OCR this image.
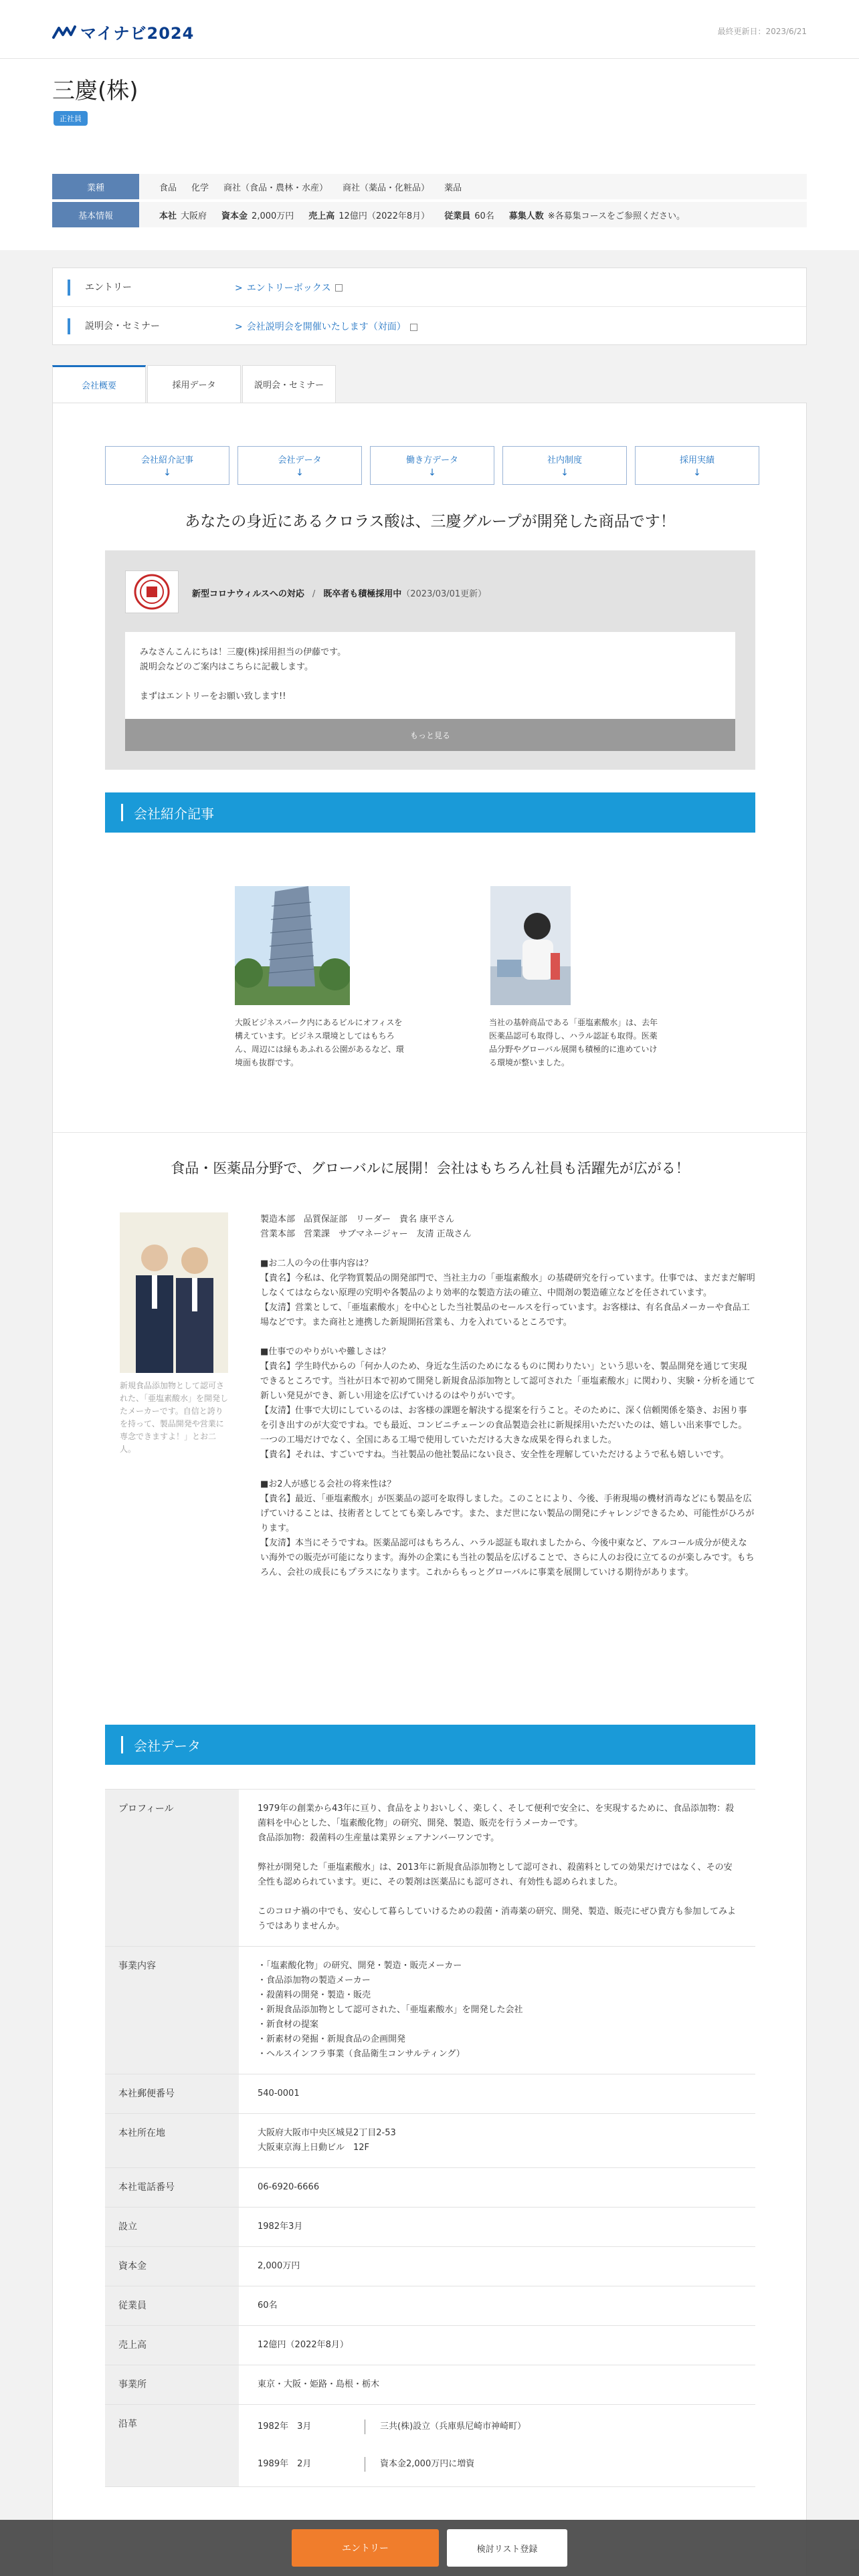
マイナビ2024	最終更新日：2023/6/21
三慶(株)
正社員
業種	食品 化学 商社（食品・農林・水産） 商社（薬品・化粧品） 薬品
基本情報	本社 大阪府 資本金 2,000万円 売上高 12億円（2022年8月） 従業員 60名 募集人数 ※各募集コースをご参照ください。
エントリー	> エントリーボックス
説明会・セミナー	> 会社説明会を開催いたします（対面）
会社概要	採用データ	説明会・セミナー
会社紹介記事
↓
会社データ
↓
働き方データ
↓
社内制度
↓
採用実績
↓
あなたの身近にあるクロラス酸は、三慶グループが開発した商品です！
新型コロナウィルスへの対応 / 既卒者も積極採用中（2023/03/01更新）

みなさんこんにちは！三慶(株)採用担当の伊藤です。

説明会などのご案内はこちらに記載します。

まずはエントリーをお願い致します!!

もっと見る
会社紹介記事

大阪ビジネスパーク内にあるビルにオフィスを構えています。ビジネス環境としてはもちろん、周辺には緑もあふれる公園があるなど、環境面も抜群です。

当社の基幹商品である「亜塩素酸水」は、去年医薬品認可も取得し、ハラル認証も取得。医薬品分野やグローバル展開も積極的に進めていける環境が整いました。

食品・医薬品分野で、グローバルに展開！会社はもちろん社員も活躍先が広がる！

新規食品添加物として認可された、「亜塩素酸水」を開発したメーカーです。自信と誇りを持って、製品開発や営業に専念できますよ！」とお二人。

製造本部　品質保証部　リーダー　貴名 康平さん

営業本部　営業課　サブマネージャー　友清 正哉さん

■お二人の今の仕事内容は？

【貴名】今私は、化学物質製品の開発部門で、当社主力の「亜塩素酸水」の基礎研究を行っています。仕事では、まだまだ解明しなくてはならない原理の究明や各製品のより効率的な製造方法の確立、中間剤の製造確立などを任されています。

【友清】営業として、「亜塩素酸水」を中心とした当社製品のセールスを行っています。お客様は、有名食品メーカーや食品工場などです。また商社と連携した新規開拓営業も、力を入れているところです。

■仕事でのやりがいや難しさは？

【貴名】学生時代からの「何か人のため、身近な生活のためになるものに関わりたい」という思いを、製品開発を通じて実現できるところです。当社が日本で初めて開発し新規食品添加物として認可された「亜塩素酸水」に関わり、実験・分析を通じて新しい発見ができ、新しい用途を広げていけるのはやりがいです。

【友清】仕事で大切にしているのは、お客様の課題を解決する提案を行うこと。そのために、深く信頼関係を築き、お困り事を引き出すのが大変ですね。でも最近、コンビニチェーンの食品製造会社に新規採用いただいたのは、嬉しい出来事でした。一つの工場だけでなく、全国にある工場で使用していただける大きな成果を得られました。

【貴名】それは、すごいですね。当社製品の他社製品にない良さ、安全性を理解していただけるようで私も嬉しいです。

■お2人が感じる会社の将来性は？

【貴名】最近、「亜塩素酸水」が医薬品の認可を取得しました。このことにより、今後、手術現場の機材消毒などにも製品を広げていけることは、技術者としてとても楽しみです。また、まだ世にない製品の開発にチャレンジできるため、可能性がひろがります。

【友清】本当にそうですね。医薬品認可はもちろん、ハラル認証も取れましたから、今後中東など、アルコール成分が使えない海外での販売が可能になります。海外の企業にも当社の製品を広げることで、さらに人のお役に立てるのが楽しみです。もちろん、会社の成長にもプラスになります。これからもっとグローバルに事業を展開していける期待があります。

会社データ
プロフィール	1979年の創業から43年に亘り、食品をよりおいしく、楽しく、そして便利で安全に、を実現するために、食品添加物：殺菌料を中心とした、「塩素酸化物」の研究、開発、製造、販売を行うメーカーです。

食品添加物：殺菌料の生産量は業界シェアナンバーワンです。

弊社が開発した「亜塩素酸水」は、2013年に新規食品添加物として認可され、殺菌料としての効果だけではなく、その安全性も認められています。更に、その製剤は医薬品にも認可され、有効性も認められました。

このコロナ禍の中でも、安心して暮らしていけるための殺菌・消毒薬の研究、開発、製造、販売にぜひ貴方も参加してみようではありませんか。

事業内容	・「塩素酸化物」の研究、開発・製造・販売メーカー

・食品添加物の製造メーカー

・殺菌料の開発・製造・販売

・新規食品添加物として認可された、「亜塩素酸水」を開発した会社

・新食材の提案

・新素材の発掘・新規食品の企画開発

・ヘルスインフラ事業（食品衛生コンサルティング）

本社郵便番号	540-0001
本社所在地	大阪府大阪市中央区城見2丁目2-53

大阪東京海上日動ビル　12F

本社電話番号	06-6920-6666
設立	1982年3月
資本金	2,000万円
従業員	60名
売上高	12億円（2022年8月）
事業所	東京・大阪・姫路・島根・栃木
沿革	1982年　3月	三共(株)設立（兵庫県尼崎市神崎町）
1989年　2月	資本金2,000万円に増資
エントリー	検討リスト登録
